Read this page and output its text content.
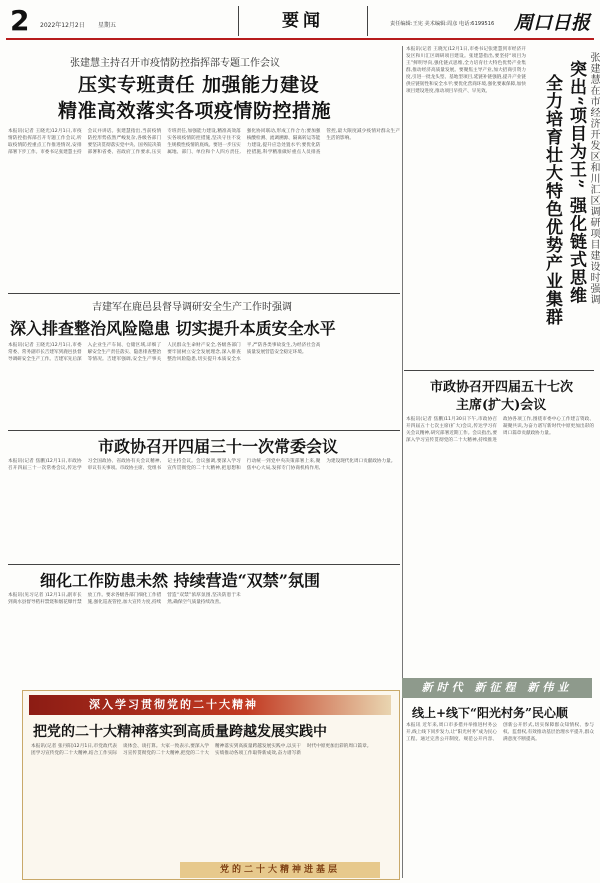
2 2022年12月2日 星期五	要闻	责任编辑:王宪 美术编辑:周彦 电话:6199516 周口日报
张建慧主持召开市疫情防控指挥部专题工作会议
压实专班责任 加强能力建设
精准高效落实各项疫情防控措施
本报讯(记者 王晓光)12月1日,市疫情防控指挥部召开专题工作会议,听取疫情防控重点工作推进情况,安排部署下步工作。市委书记张建慧主持会议并讲话。张建慧指出,当前疫情防控形势依然严峻复杂,各级各部门要坚决贯彻落实党中央、国务院决策部署和省委、省政府工作要求,压实专班责任,加强能力建设,精准高效落实各项疫情防控措施,坚决守住不发生规模性疫情的底线。要进一步压实属地、部门、单位和个人四方责任,强化协同联动,形成工作合力;要加强核酸检测、流调溯源、隔离转运等能力建设,提升应急处置水平;要优化防控措施,科学精准做好重点人员排查管控,最大限度减少疫情对群众生产生活的影响。
吉建军在鹿邑县督导调研安全生产工作时强调
深入排查整治风险隐患 切实提升本质安全水平
本报讯(记者 王晓光)12月1日,市委常委、常务副市长吉建军到鹿邑县督导调研安全生产工作。吉建军先后深入企业生产车间、仓储区域,详细了解安全生产责任落实、隐患排查整治等情况。吉建军强调,安全生产事关人民群众生命财产安全,各级各部门要牢固树立安全发展理念,深入排查整治风险隐患,切实提升本质安全水平,严防各类事故发生,为经济社会高质量发展营造安全稳定环境。
市政协召开四届三十一次常委会议
本报讯(记者 焦鹏)12月1日,市政协召开四届三十一次常委会议,传达学习全国政协、省政协有关会议精神,审议有关事项。市政协主席、党组书记主持会议。会议强调,要深入学习宣传贯彻党的二十大精神,把思想和行动统一到党中央决策部署上来,聚焦中心大局,发挥专门协商机构作用,为建设现代化周口贡献政协力量。
细化工作防患未然 持续营造“双禁”氛围
本报讯(见习记者 )12月1日,副市长到商水县督导秸秆禁烧和烟花爆竹禁放工作。要求各级各部门细化工作措施,强化巡查管控,加大宣传力度,持续营造“双禁”浓厚氛围,坚决防患于未然,确保空气质量持续改善。
本报讯(记者 王晓光)12月1日,市委书记张建慧到市经济开发区和川汇区调研项目建设。张建慧指出,要坚持“项目为王”鲜明导向,强化链式思维,全力培育壮大特色优势产业集群,推动经济高质量发展。要聚焦主导产业,加大招商引资力度,引进一批龙头型、基地型项目,延链补链强链,提升产业链供应链韧性和安全水平;要优化营商环境,强化要素保障,加快项目建设进度,推动项目早投产、早见效。	突出“项目为王” 强化链式思维
全力培育壮大特色优势产业集群	张建慧在市经济开发区和川汇区调研项目建设时强调
市政协召开四届五十七次
主席(扩大)会议
本报讯(记者 焦鹏)11月30日下午,市政协召开四届五十七次主席(扩大)会议,传达学习有关会议精神,研究部署近期工作。会议指出,要深入学习宣传贯彻党的二十大精神,持续推进政协各项工作,围绕市委中心工作建言资政、凝聚共识,为奋力谱写新时代中原更加出彩的周口篇章贡献政协力量。
新时代 新征程 新伟业
线上+线下“阳光村务”民心顺
本报讯 近年来,周口市多措并举推进村务公开,线上线下同步发力,让“阳光村务”成为民心工程。通过完善公开制度、规范公开内容、创新公开形式,切实保障群众知情权、参与权、监督权,有效推动基层治理水平提升,群众满意度不断提高。
深入学习贯彻党的二十大精神
把党的二十大精神落实到高质量跨越发展实践中
本报讯(记者 张丹阳)12月1日,市党政代表团学习宣传党的二十大精神,结合工作实际谈体会、谈打算。大家一致表示,要深入学习宣传贯彻党的二十大精神,把党的二十大精神落实到高质量跨越发展实践中,以实干实绩推动各项工作取得新成效,奋力谱写新时代中原更加出彩的周口篇章。
党的二十大精神进基层
